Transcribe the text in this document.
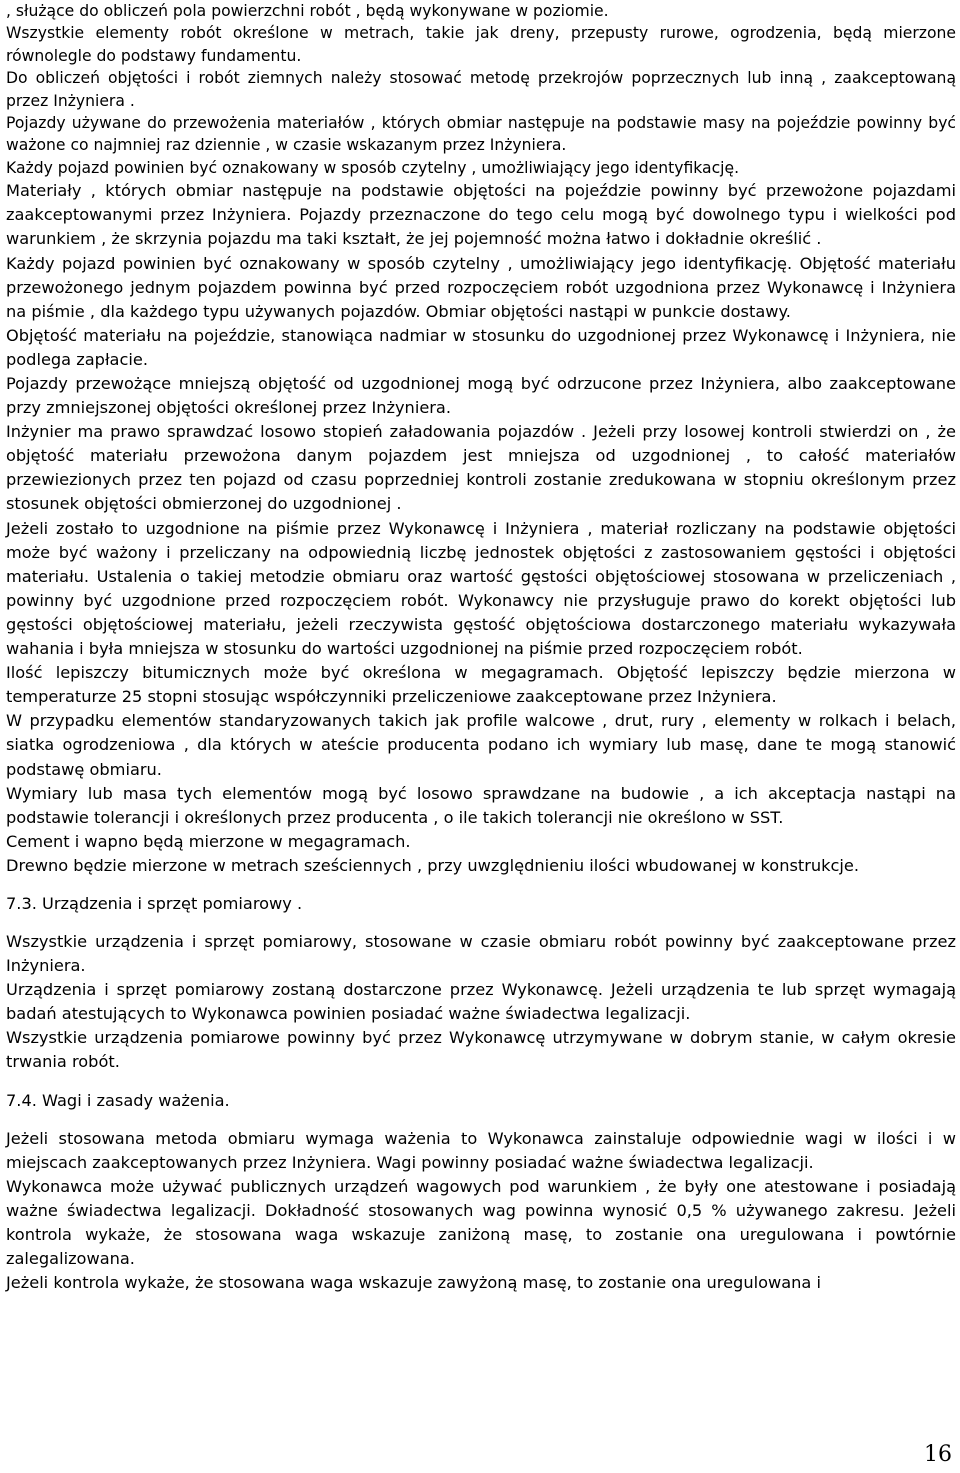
, służące do obliczeń pola powierzchni robót , będą wykonywane w poziomie.

Wszystkie elementy robót określone w metrach, takie jak dreny, przepusty rurowe, ogrodzenia, będą mierzone równolegle do podstawy fundamentu.

Do obliczeń objętości i robót ziemnych należy stosować metodę przekrojów poprzecznych lub inną , zaakceptowaną przez Inżyniera .

Pojazdy używane do przewożenia materiałów , których obmiar następuje na podstawie masy na pojeździe powinny być ważone co najmniej raz dziennie , w czasie wskazanym przez Inżyniera.

Każdy pojazd powinien być oznakowany w sposób czytelny , umożliwiający jego identyfikację.

Materiały , których obmiar następuje na podstawie objętości na pojeździe powinny być przewożone pojazdami zaakceptowanymi przez Inżyniera. Pojazdy przeznaczone do tego celu mogą być dowolnego typu i wielkości pod warunkiem , że skrzynia pojazdu ma taki kształt, że jej pojemność można łatwo i dokładnie określić .

Każdy pojazd powinien być oznakowany w sposób czytelny , umożliwiający jego identyfikację. Objętość materiału przewożonego jednym pojazdem powinna być przed rozpoczęciem robót uzgodniona przez Wykonawcę i Inżyniera na piśmie , dla każdego typu używanych pojazdów. Obmiar objętości nastąpi w punkcie dostawy.

Objętość materiału na pojeździe, stanowiąca nadmiar w stosunku do uzgodnionej przez Wykonawcę i Inżyniera, nie podlega zapłacie.

Pojazdy przewożące mniejszą objętość od uzgodnionej mogą być odrzucone przez Inżyniera, albo zaakceptowane przy zmniejszonej objętości określonej przez Inżyniera.

Inżynier ma prawo sprawdzać losowo stopień załadowania pojazdów . Jeżeli przy losowej kontroli stwierdzi on , że objętość materiału przewożona danym pojazdem jest mniejsza od uzgodnionej , to całość materiałów przewiezionych przez ten pojazd od czasu poprzedniej kontroli zostanie zredukowana w stopniu określonym przez stosunek objętości obmierzonej do uzgodnionej .

Jeżeli zostało to uzgodnione na piśmie przez Wykonawcę i Inżyniera , materiał rozliczany na podstawie objętości może być ważony i przeliczany na odpowiednią liczbę jednostek objętości z zastosowaniem gęstości i objętości materiału. Ustalenia o takiej metodzie obmiaru oraz wartość gęstości objętościowej stosowana w przeliczeniach , powinny być uzgodnione przed rozpoczęciem robót. Wykonawcy nie przysługuje prawo do korekt objętości lub gęstości objętościowej materiału, jeżeli rzeczywista gęstość objętościowa dostarczonego materiału wykazywała wahania i była mniejsza w stosunku do wartości uzgodnionej na piśmie przed rozpoczęciem robót.

Ilość lepiszczy bitumicznych może być określona w megagramach. Objętość lepiszczy będzie mierzona w temperaturze 25 stopni stosując współczynniki przeliczeniowe zaakceptowane przez Inżyniera.

W przypadku elementów standaryzowanych takich jak profile walcowe , drut, rury , elementy w rolkach i belach, siatka ogrodzeniowa , dla których w ateście producenta podano ich wymiary lub masę, dane te mogą stanowić podstawę obmiaru.

Wymiary lub masa tych elementów mogą być losowo sprawdzane na budowie , a ich akceptacja nastąpi na podstawie tolerancji i określonych przez producenta , o ile takich tolerancji nie określono w SST.

Cement i wapno będą mierzone w megagramach.

Drewno będzie mierzone w metrach sześciennych , przy uwzględnieniu ilości wbudowanej w konstrukcje.

7.3. Urządzenia i sprzęt pomiarowy .

Wszystkie urządzenia i sprzęt pomiarowy, stosowane w czasie obmiaru robót powinny być zaakceptowane przez Inżyniera.

Urządzenia i sprzęt pomiarowy zostaną dostarczone przez Wykonawcę. Jeżeli urządzenia te lub sprzęt wymagają badań atestujących to Wykonawca powinien posiadać ważne świadectwa legalizacji.

Wszystkie urządzenia pomiarowe powinny być przez Wykonawcę utrzymywane w dobrym stanie, w całym okresie trwania robót.

7.4. Wagi i zasady ważenia.

Jeżeli stosowana metoda obmiaru wymaga ważenia to Wykonawca zainstaluje odpowiednie wagi w ilości i w miejscach zaakceptowanych przez Inżyniera. Wagi powinny posiadać ważne świadectwa legalizacji.

Wykonawca może używać publicznych urządzeń wagowych pod warunkiem , że były one atestowane i posiadają ważne świadectwa legalizacji. Dokładność stosowanych wag powinna wynosić 0,5 % używanego zakresu. Jeżeli kontrola wykaże, że stosowana waga wskazuje zaniżoną masę, to zostanie ona uregulowana i powtórnie zalegalizowana.

Jeżeli kontrola wykaże, że stosowana waga wskazuje zawyżoną masę, to zostanie ona uregulowana i

16
